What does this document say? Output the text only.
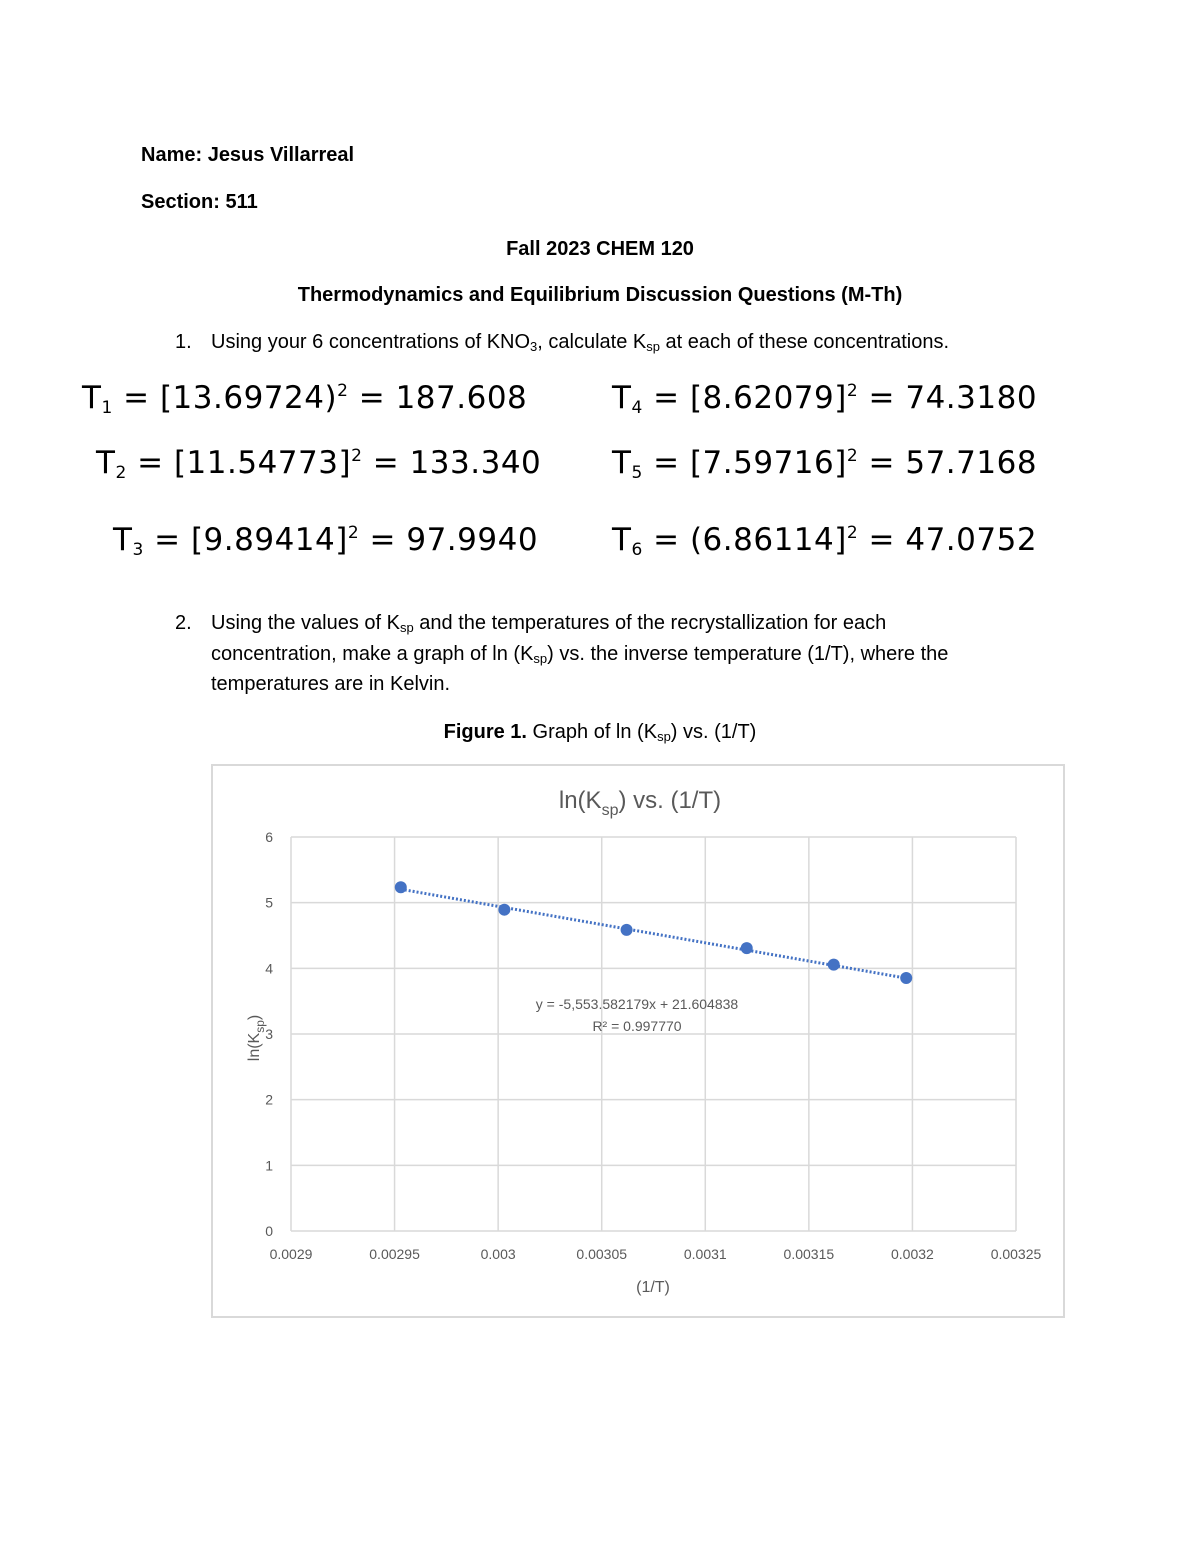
Name: Jesus Villarreal
Section: 511
Fall 2023 CHEM 120
Thermodynamics and Equilibrium Discussion Questions (M-Th)
1. Using your 6 concentrations of $KNO_3$, calculate $K_{sp}$ at each of these concentrations.
$T_1 = [13.69724)^2 = 187.608$
$T_2 = [11.54773]^2 = 133.340$
$T_3 = [9.89414]^2 = 97.9940$
$T_4 = [8.62079]^2 = 74.3180$
$T_5 = [7.59716]^2 = 57.7168$
$T_6 = (6.86114]^2 = 47.0752$
2. Using the values of $K_{sp}$ and the temperatures of the recrystallization for each
concentration, make a graph of $\ln (K_{sp})$ vs. the inverse temperature (1/T), where the
temperatures are in Kelvin.
Figure 1. Graph of $\ln (K_{sp})$ vs. (1/T)
0.0029	0.00295	0.003	0.00305	0.0031	0.00315	0.0032	0.00325
0
1
2
3
4
5
6
$\ln(K_{sp})$ vs. (1/T)
(1/T)
$\ln(K_{sp})$
y = -5,553.582179x + 21.604838
R² = 0.997770
